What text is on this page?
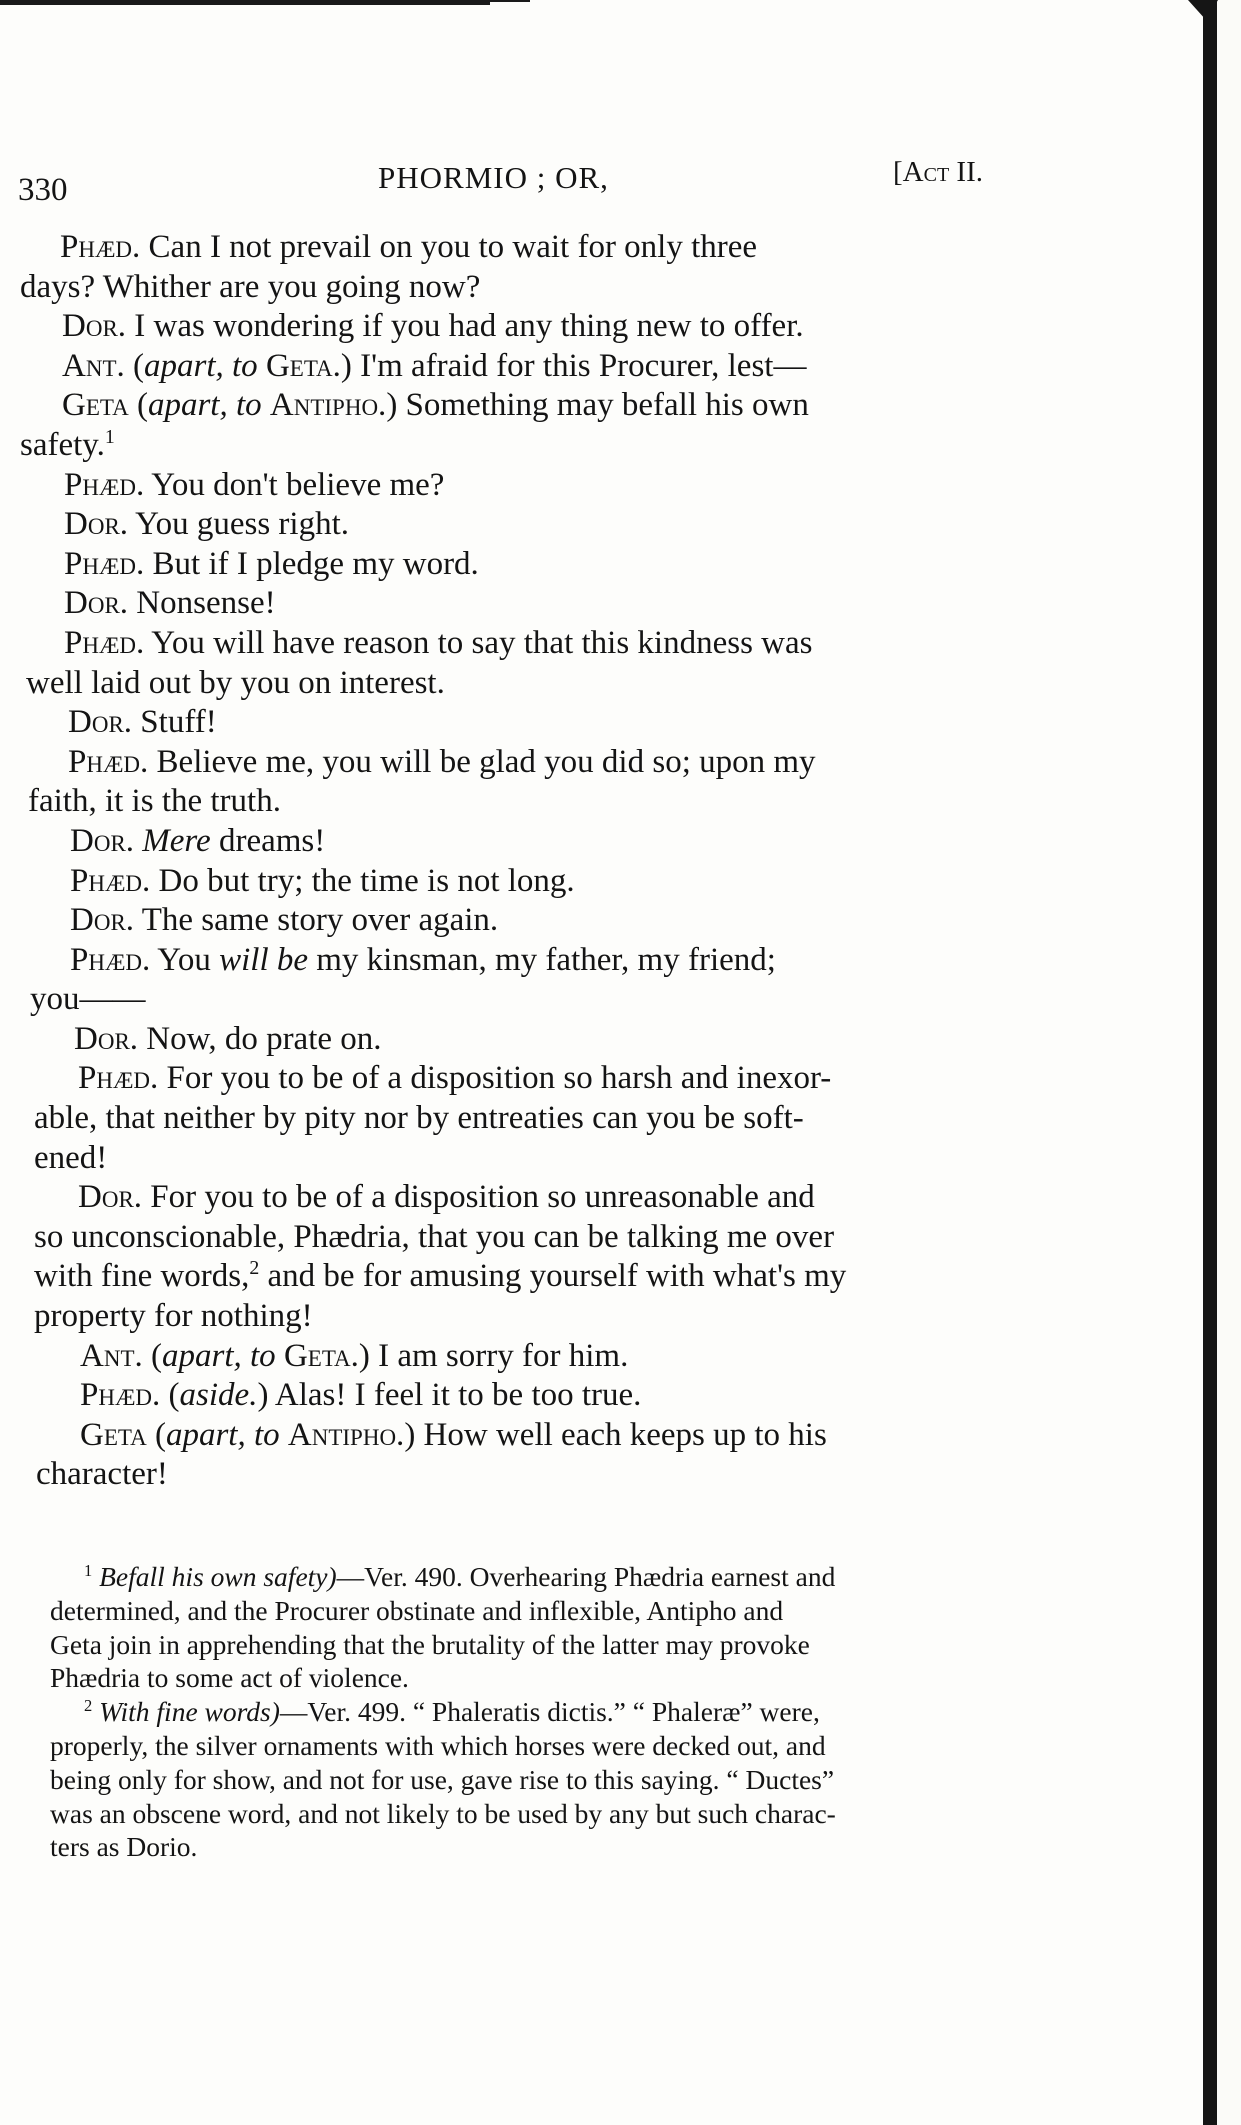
330	PHORMIO ; OR,	[Act II.
Phæd. Can I not prevail on you to wait for only three
days? Whither are you going now?
Dor. I was wondering if you had any thing new to offer.
Ant. (apart, to Geta.) I'm afraid for this Procurer, lest—
Geta (apart, to Antipho.) Something may befall his own
safety.$^1$
Phæd. You don't believe me?
Dor. You guess right.
Phæd. But if I pledge my word.
Dor. Nonsense!
Phæd. You will have reason to say that this kindness was
well laid out by you on interest.
Dor. Stuff!
Phæd. Believe me, you will be glad you did so; upon my
faith, it is the truth.
Dor. Mere dreams!
Phæd. Do but try; the time is not long.
Dor. The same story over again.
Phæd. You will be my kinsman, my father, my friend;
you——
Dor. Now, do prate on.
Phæd. For you to be of a disposition so harsh and inexor-
able, that neither by pity nor by entreaties can you be soft-
ened!
Dor. For you to be of a disposition so unreasonable and
so unconscionable, Phædria, that you can be talking me over
with fine words,$^2$ and be for amusing yourself with what's my
property for nothing!
Ant. (apart, to Geta.) I am sorry for him.
Phæd. (aside.) Alas! I feel it to be too true.
Geta (apart, to Antipho.) How well each keeps up to his
character!
$^1$ Befall his own safety)—Ver. 490. Overhearing Phædria earnest and
determined, and the Procurer obstinate and inflexible, Antipho and
Geta join in apprehending that the brutality of the latter may provoke
Phædria to some act of violence.
$^2$ With fine words)—Ver. 499. “ Phaleratis dictis.” “ Phaleræ” were,
properly, the silver ornaments with which horses were decked out, and
being only for show, and not for use, gave rise to this saying. “ Ductes”
was an obscene word, and not likely to be used by any but such charac-
ters as Dorio.
